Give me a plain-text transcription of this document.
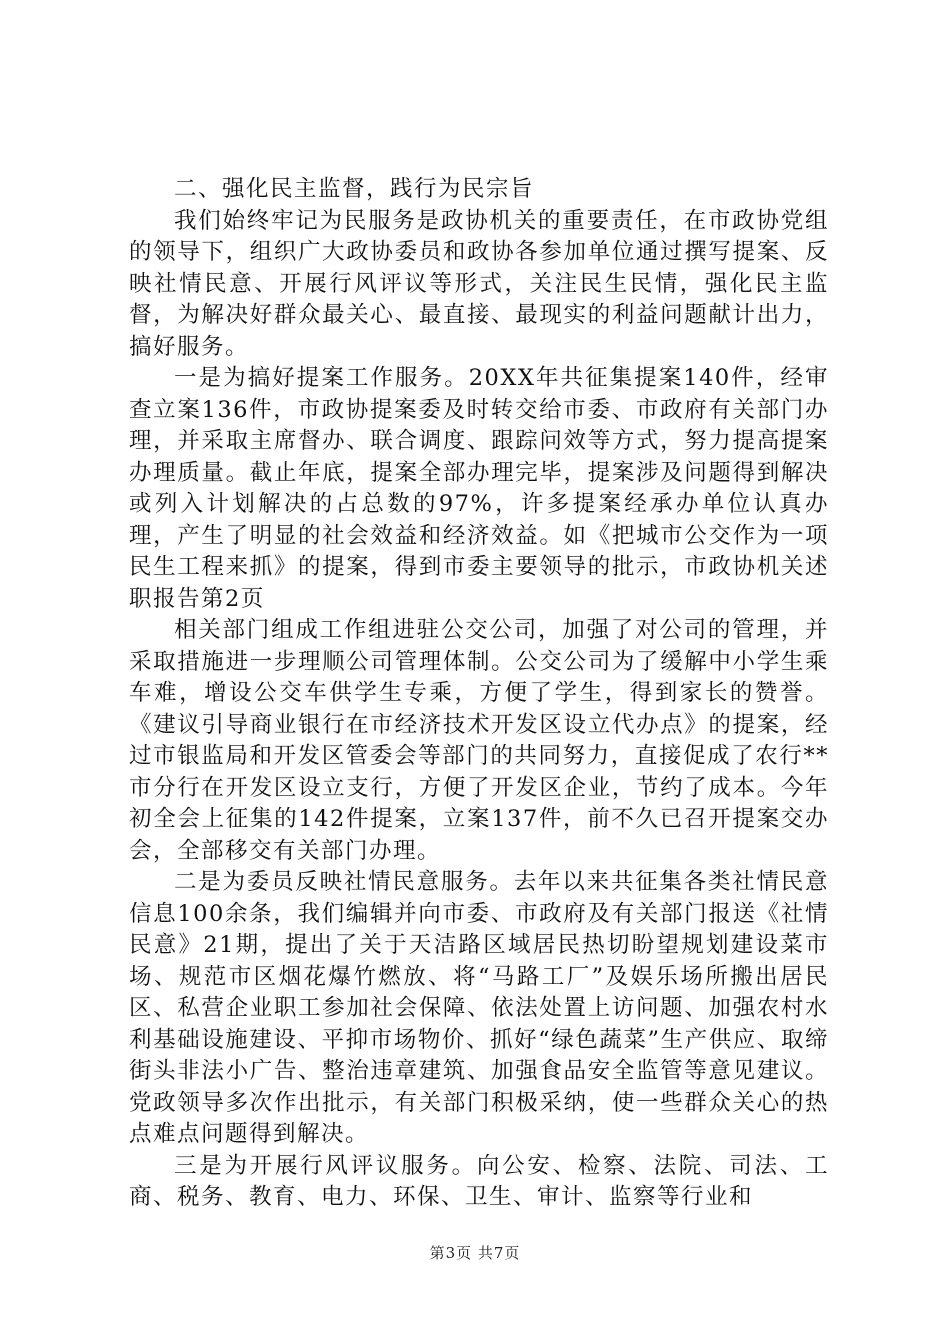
二、强化民主监督，践行为民宗旨

我们始终牢记为民服务是政协机关的重要责任，在市政协党组的领导下，组织广大政协委员和政协各参加单位通过撰写提案、反映社情民意、开展行风评议等形式，关注民生民情，强化民主监督，为解决好群众最关心、最直接、最现实的利益问题献计出力，搞好服务。

一是为搞好提案工作服务。20XX年共征集提案140件，经审查立案136件，市政协提案委及时转交给市委、市政府有关部门办理，并采取主席督办、联合调度、跟踪问效等方式，努力提高提案办理质量。截止年底，提案全部办理完毕，提案涉及问题得到解决或列入计划解决的占总数的97%，许多提案经承办单位认真办理，产生了明显的社会效益和经济效益。如《把城市公交作为一项民生工程来抓》的提案，得到市委主要领导的批示，市政协机关述职报告第2页

相关部门组成工作组进驻公交公司，加强了对公司的管理，并采取措施进一步理顺公司管理体制。公交公司为了缓解中小学生乘车难，增设公交车供学生专乘，方便了学生，得到家长的赞誉。《建议引导商业银行在市经济技术开发区设立代办点》的提案，经过市银监局和开发区管委会等部门的共同努力，直接促成了农行**市分行在开发区设立支行，方便了开发区企业，节约了成本。今年初全会上征集的142件提案，立案137件，前不久已召开提案交办会，全部移交有关部门办理。

二是为委员反映社情民意服务。去年以来共征集各类社情民意信息100余条，我们编辑并向市委、市政府及有关部门报送《社情民意》21期，提出了关于天洁路区域居民热切盼望规划建设菜市场、规范市区烟花爆竹燃放、将“马路工厂”及娱乐场所搬出居民区、私营企业职工参加社会保障、依法处置上访问题、加强农村水利基础设施建设、平抑市场物价、抓好“绿色蔬菜”生产供应、取缔街头非法小广告、整治违章建筑、加强食品安全监管等意见建议。党政领导多次作出批示，有关部门积极采纳，使一些群众关心的热点难点问题得到解决。

三是为开展行风评议服务。向公安、检察、法院、司法、工商、税务、教育、电力、环保、卫生、审计、监察等行业和

第3页 共7页
